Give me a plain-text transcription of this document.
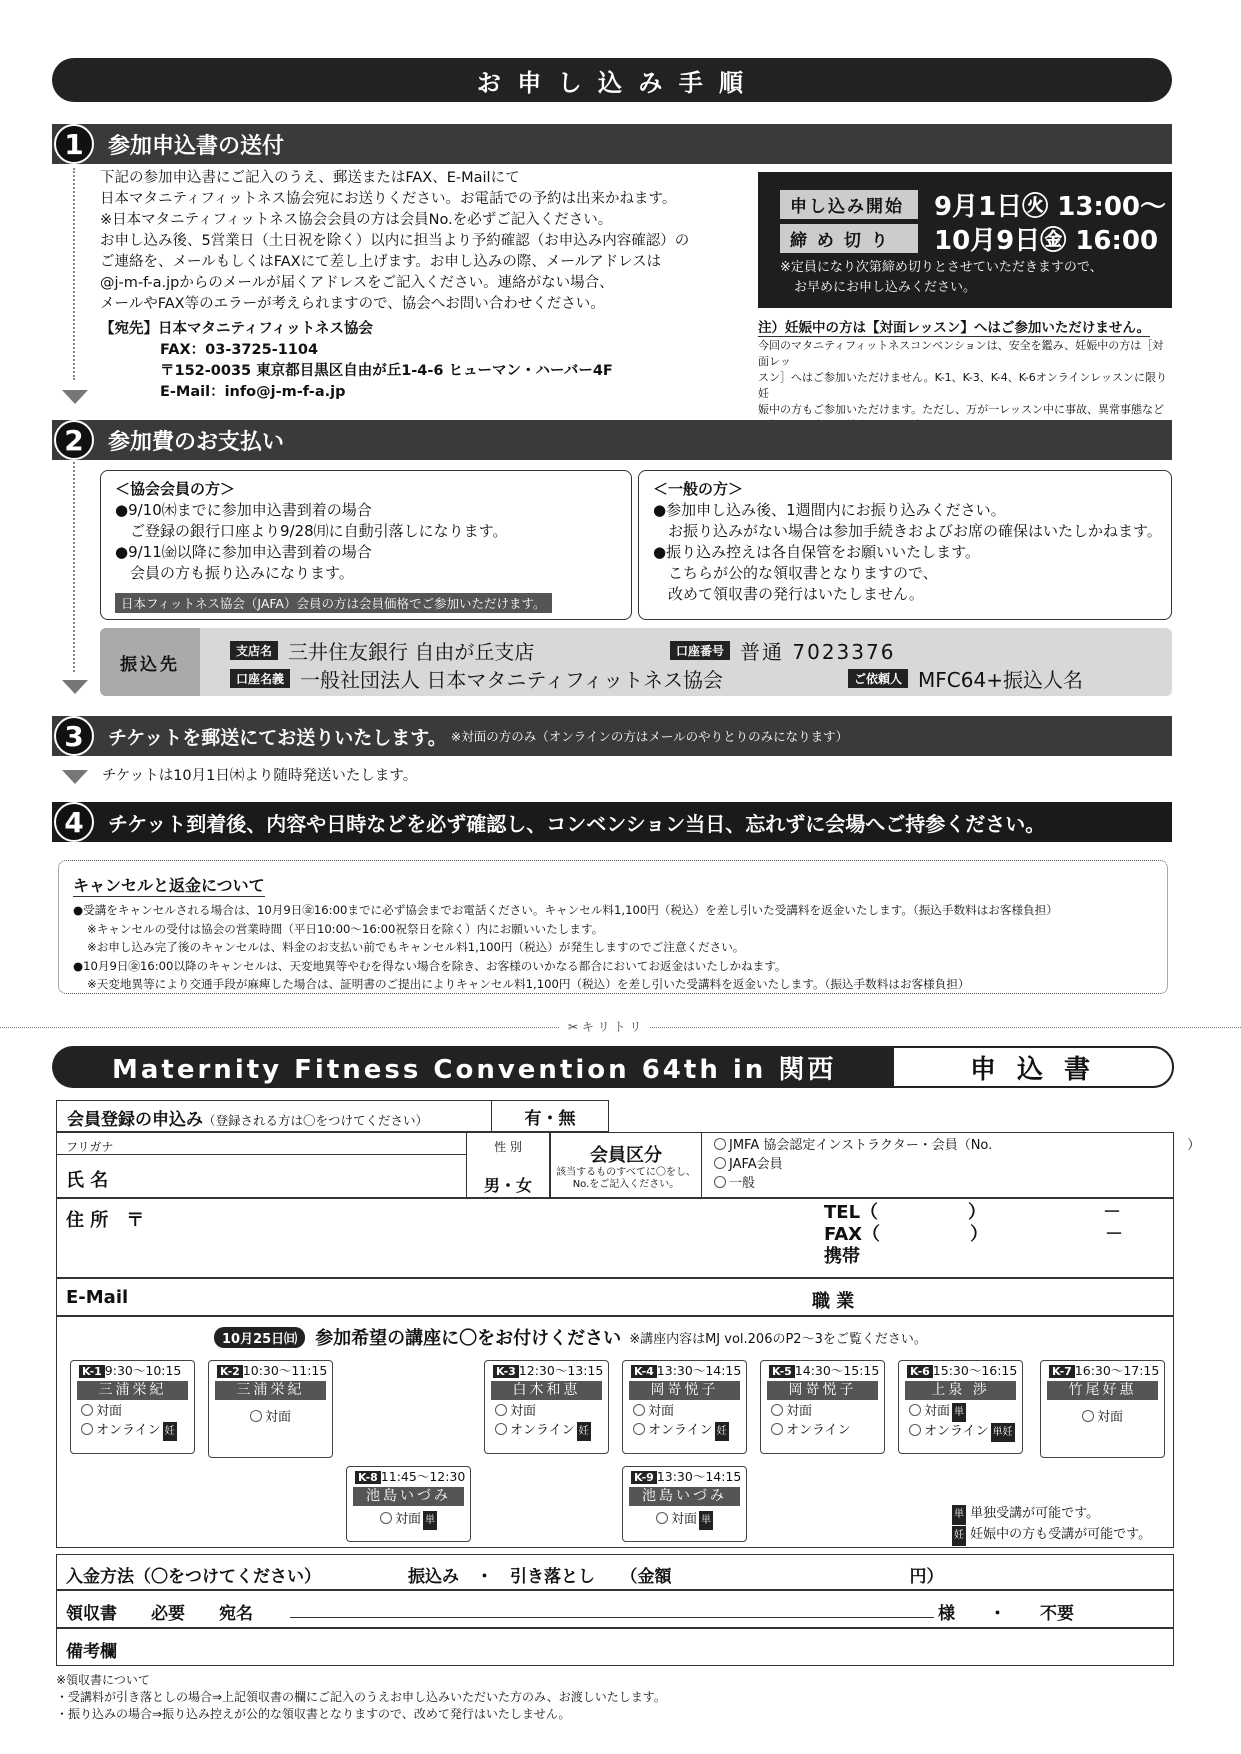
お 申 し 込 み 手 順
1	参加申込書の送付
下記の参加申込書にご記入のうえ、郵送またはFAX、E-Mailにて
日本マタニティフィットネス協会宛にお送りください。お電話での予約は出来かねます。
※日本マタニティフィットネス協会会員の方は会員No.を必ずご記入ください。
お申し込み後、5営業日（土日祝を除く）以内に担当より予約確認（お申込み内容確認）の
ご連絡を、メールもしくはFAXにて差し上げます。お申し込みの際、メールアドレスは
@j-m-f-a.jpからのメールが届くアドレスをご記入ください。連絡がない場合、
メールやFAX等のエラーが考えられますので、協会へお問い合わせください。
【宛先】日本マタニティフィットネス協会
FAX：03-3725-1104
〒152-0035 東京都目黒区自由が丘1-4-6 ヒューマン・ハーバー4F
E-Mail：info@j-m-f-a.jp
申し込み開始	9月1日㊋ 13:00〜
締 め 切 り	10月9日㊎ 16:00
※定員になり次第締め切りとさせていただきますので、
お早めにお申し込みください。
注）妊娠中の方は【対面レッスン】へはご参加いただけません。
今回のマタニティフィットネスコンベンションは、安全を鑑み、妊娠中の方は［対面レッ
スン］へはご参加いただけません。K-1、K-3、K-4、K-6オンラインレッスンに限り妊
娠中の方もご参加いただけます。ただし、万が一レッスン中に事故、異常事態など
2	参加費のお支払い
＜協会会員の方＞
●9/10㈭までに参加申込書到着の場合
　ご登録の銀行口座より9/28㈪に自動引落しになります。
●9/11㈮以降に参加申込書到着の場合
　会員の方も振り込みになります。
日本フィットネス協会（JAFA）会員の方は会員価格でご参加いただけます。
＜一般の方＞
●参加申し込み後、1週間内にお振り込みください。
　お振り込みがない場合は参加手続きおよびお席の確保はいたしかねます。
●振り込み控えは各自保管をお願いいたします。
　こちらが公的な領収書となりますので、
　改めて領収書の発行はいたしません。
振込先
支店名 三井住友銀行 自由が丘支店	口座番号 普通 7023376
口座名義 一般社団法人 日本マタニティフィットネス協会	ご依頼人 MFC64+振込人名
3	チケットを郵送にてお送りいたします。 ※対面の方のみ（オンラインの方はメールのやりとりのみになります）
チケットは10月1日㈭より随時発送いたします。
4	チケット到着後、内容や日時などを必ず確認し、コンベンション当日、忘れずに会場へご持参ください。
キャンセルと返金について
●受講をキャンセルされる場合は、10月9日㊎16:00までに必ず協会までお電話ください。キャンセル料1,100円（税込）を差し引いた受講料を返金いたします。（振込手数料はお客様負担）
※キャンセルの受付は協会の営業時間（平日10:00〜16:00祝祭日を除く）内にお願いいたします。
※お申し込み完了後のキャンセルは、料金のお支払い前でもキャンセル料1,100円（税込）が発生しますのでご注意ください。
●10月9日㊎16:00以降のキャンセルは、天変地異等やむを得ない場合を除き、お客様のいかなる都合においてお返金はいたしかねます。
※天変地異等により交通手段が麻痺した場合は、証明書のご提出によりキャンセル料1,100円（税込）を差し引いた受講料を返金いたします。（振込手数料はお客様負担）
✂ キ リ ト リ
Maternity Fitness Convention 64th in 関西	申 込 書
会員登録の申込み（登録される方は〇をつけてください）	有・無
フリガナ
氏 名
性 別
男・女
会員区分
該当するものすべてに〇をし、
No.をご記入ください。
JMFA 協会認定インストラクター・会員（No.　　　　　　　　　　　　　　　）
JAFA会員
一般
住 所　〒	TEL（　　　　　）　　　　　　　－
FAX（　　　　　）　　　　　　　－
携帯
E-Mail	職 業
10月25日㈰	参加希望の講座に〇をお付けください ※講座内容はMJ vol.206のP2〜3をご覧ください。
K-1 9:30〜10:15
三浦栄紀
対面
オンライン 妊
K-2 10:30〜11:15
三浦栄紀
対面
K-3 12:30〜13:15
白木和恵
対面
オンライン 妊
K-4 13:30〜14:15
岡嵜悦子
対面
オンライン 妊
K-5 14:30〜15:15
岡嵜悦子
対面
オンライン
K-6 15:30〜16:15
上泉 渉
対面 単
オンライン 単妊
K-7 16:30〜17:15
竹尾好惠
対面
K-8 11:45〜12:30
池島いづみ
対面 単
K-9 13:30〜14:15
池島いづみ
対面 単
単 単独受講が可能です。
妊 妊娠中の方も受講が可能です。
入金方法（〇をつけてください）	振込み　・　引き落とし　　（金額　　　　　　　　　　　　　　円）
領収書　　必要　　宛名	様　　・　　不要
備考欄
※領収書について
・受講料が引き落としの場合⇒上記領収書の欄にご記入のうえお申し込みいただいた方のみ、お渡しいたします。
・振り込みの場合⇒振り込み控えが公的な領収書となりますので、改めて発行はいたしません。
